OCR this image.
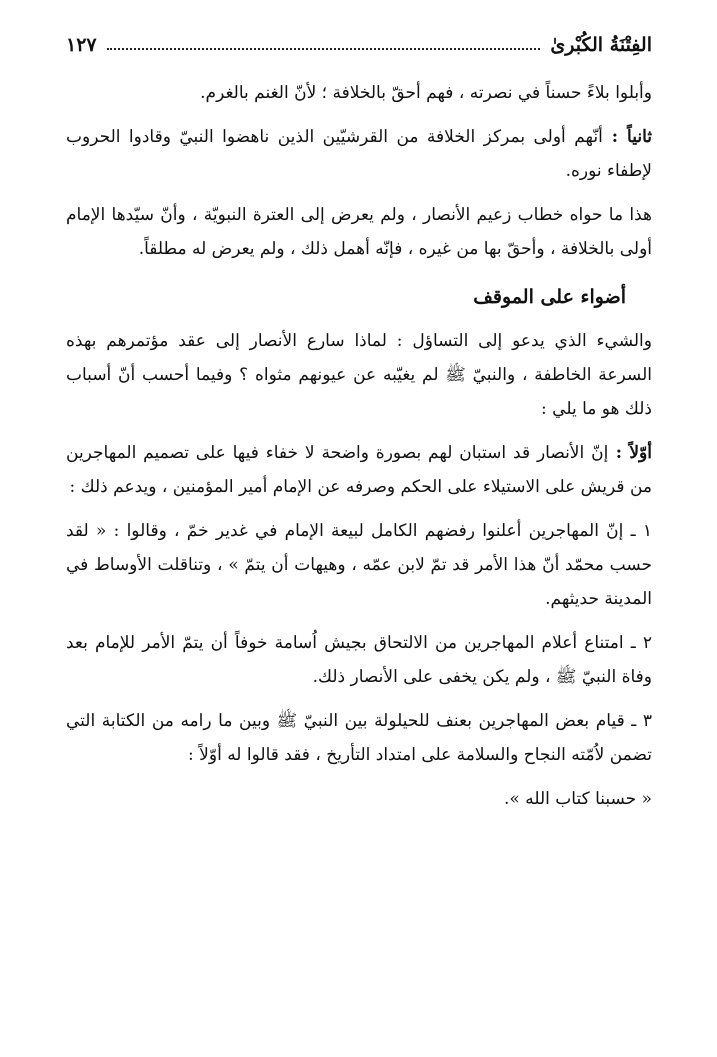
الفِتْنَةُ الكُبْرىٰ
١٢٧

وأبلوا بلاءً حسناً في نصرته ، فهم أحقّ بالخلافة ؛ لأنّ الغنم بالغرم.

ثانياً : أنّهم أولى بمركز الخلافة من القرشيّين الذين ناهضوا النبيّ وقادوا الحروب لإطفاء نوره.

هذا ما حواه خطاب زعيم الأنصار ، ولم يعرض إلى العترة النبويّة ، وأنّ سيّدها الإمام أولى بالخلافة ، وأحقّ بها من غيره ، فإنّه أهمل ذلك ، ولم يعرض له مطلقاً.

أضواء على الموقف

والشيء الذي يدعو إلى التساؤل : لماذا سارع الأنصار إلى عقد مؤتمرهم بهذه السرعة الخاطفة ، والنبيّ ﷺ لم يغيّبه عن عيونهم مثواه ؟ وفيما أحسب أنّ أسباب ذلك هو ما يلي :

أوّلاً : إنّ الأنصار قد استبان لهم بصورة واضحة لا خفاء فيها على تصميم المهاجرين من قريش على الاستيلاء على الحكم وصرفه عن الإمام أمير المؤمنين ، ويدعم ذلك :

١ ـ إنّ المهاجرين أعلنوا رفضهم الكامل لبيعة الإمام في غدير خمّ ، وقالوا : « لقد حسب محمّد أنّ هذا الأمر قد تمّ لابن عمّه ، وهيهات أن يتمّ » ، وتناقلت الأوساط في المدينة حديثهم.

٢ ـ امتناع أعلام المهاجرين من الالتحاق بجيش اُسامة خوفاً أن يتمّ الأمر للإمام بعد وفاة النبيّ ﷺ ، ولم يكن يخفى على الأنصار ذلك.

٣ ـ قيام بعض المهاجرين بعنف للحيلولة بين النبيّ ﷺ وبين ما رامه من الكتابة التي تضمن لاُمّته النجاح والسلامة على امتداد التأريخ ، فقد قالوا له أوّلاً :

« حسبنا كتاب الله ».
